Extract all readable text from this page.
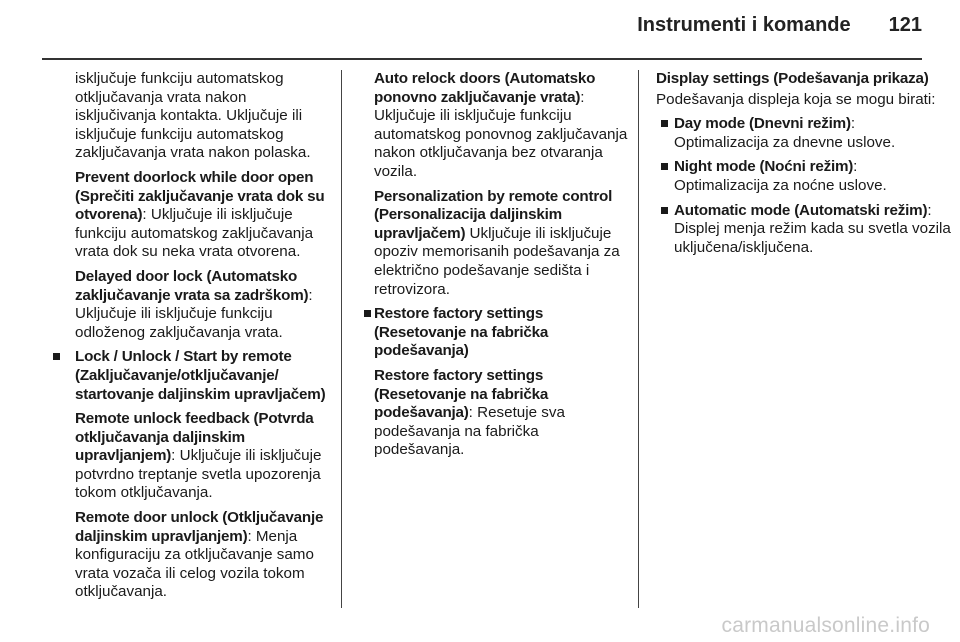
Instrumenti i komande 121

isključuje funkciju automatskog otključavanja vrata nakon isključivanja kontakta. Uključuje ili isključuje funkciju automatskog zaključavanja vrata nakon polaska.

Prevent doorlock while door open (Sprečiti zaključavanje vrata dok su otvorena): Uključuje ili isključuje funkciju automatskog zaključavanja vrata dok su neka vrata otvorena.

Delayed door lock (Automatsko zaključavanje vrata sa zadrškom): Uključuje ili isključuje funkciju odloženog zaključavanja vrata.

Lock / Unlock / Start by remote (Zaključavanje/otključavanje/ startovanje daljinskim upravljačem)

Remote unlock feedback (Potvrda otključavanja daljinskim upravljanjem): Uključuje ili isključuje potvrdno treptanje svetla upozorenja tokom otključavanja.

Remote door unlock (Otključavanje daljinskim upravljanjem): Menja konfiguraciju za otključavanje samo vrata vozača ili celog vozila tokom otključavanja.

Auto relock doors (Automatsko ponovno zaključavanje vrata): Uključuje ili isključuje funkciju automatskog ponovnog zaključavanja nakon otključavanja bez otvaranja vozila.

Personalization by remote control (Personalizacija daljinskim upravljačem) Uključuje ili isključuje opoziv memorisanih podešavanja za električno podešavanje sedišta i retrovizora.

Restore factory settings (Resetovanje na fabrička podešavanja)

Restore factory settings (Resetovanje na fabrička podešavanja): Resetuje sva podešavanja na fabrička podešavanja.

Display settings (Podešavanja prikaza)

Podešavanja displeja koja se mogu birati:

Day mode (Dnevni režim): Optimalizacija za dnevne uslove.

Night mode (Noćni režim): Optimalizacija za noćne uslove.

Automatic mode (Automatski režim): Displej menja režim kada su svetla vozila uključena/isključena.

carmanualsonline.info
